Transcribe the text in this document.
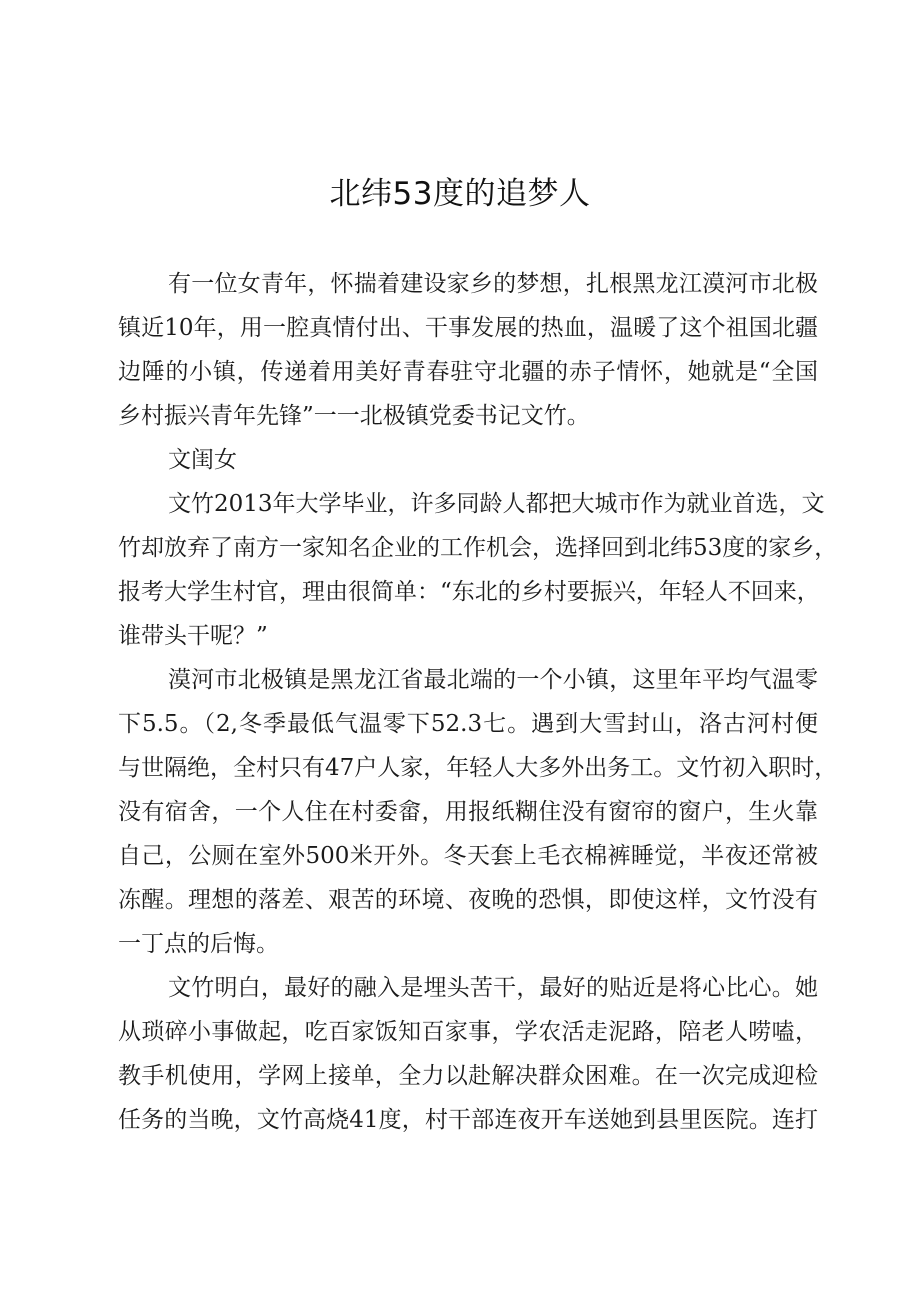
北纬53度的追梦人
有一位女青年，怀揣着建设家乡的梦想，扎根黑龙江漠河市北极
镇近10年，用一腔真情付出、干事发展的热血，温暖了这个祖国北疆
边陲的小镇，传递着用美好青春驻守北疆的赤子情怀，她就是“全国
乡村振兴青年先锋”一一北极镇党委书记文竹。
文闺女
文竹2013年大学毕业，许多同龄人都把大城市作为就业首选，文
竹却放弃了南方一家知名企业的工作机会，选择回到北纬53度的家乡，
报考大学生村官，理由很简单：“东北的乡村要振兴，年轻人不回来，
谁带头干呢？”
漠河市北极镇是黑龙江省最北端的一个小镇，这里年平均气温零
下5.5。（2,冬季最低气温零下52.3七。遇到大雪封山，洛古河村便
与世隔绝，全村只有47户人家，年轻人大多外出务工。文竹初入职时，
没有宿舍，一个人住在村委畲，用报纸糊住没有窗帘的窗户，生火靠
自己，公厕在室外500米开外。冬天套上毛衣棉裤睡觉，半夜还常被
冻醒。理想的落差、艰苦的环境、夜晚的恐惧，即使这样，文竹没有
一丁点的后悔。
文竹明白，最好的融入是埋头苦干，最好的贴近是将心比心。她
从琐碎小事做起，吃百家饭知百家事，学农活走泥路，陪老人唠嗑，
教手机使用，学网上接单，全力以赴解决群众困难。在一次完成迎检
任务的当晚，文竹高烧41度，村干部连夜开车送她到县里医院。连打
